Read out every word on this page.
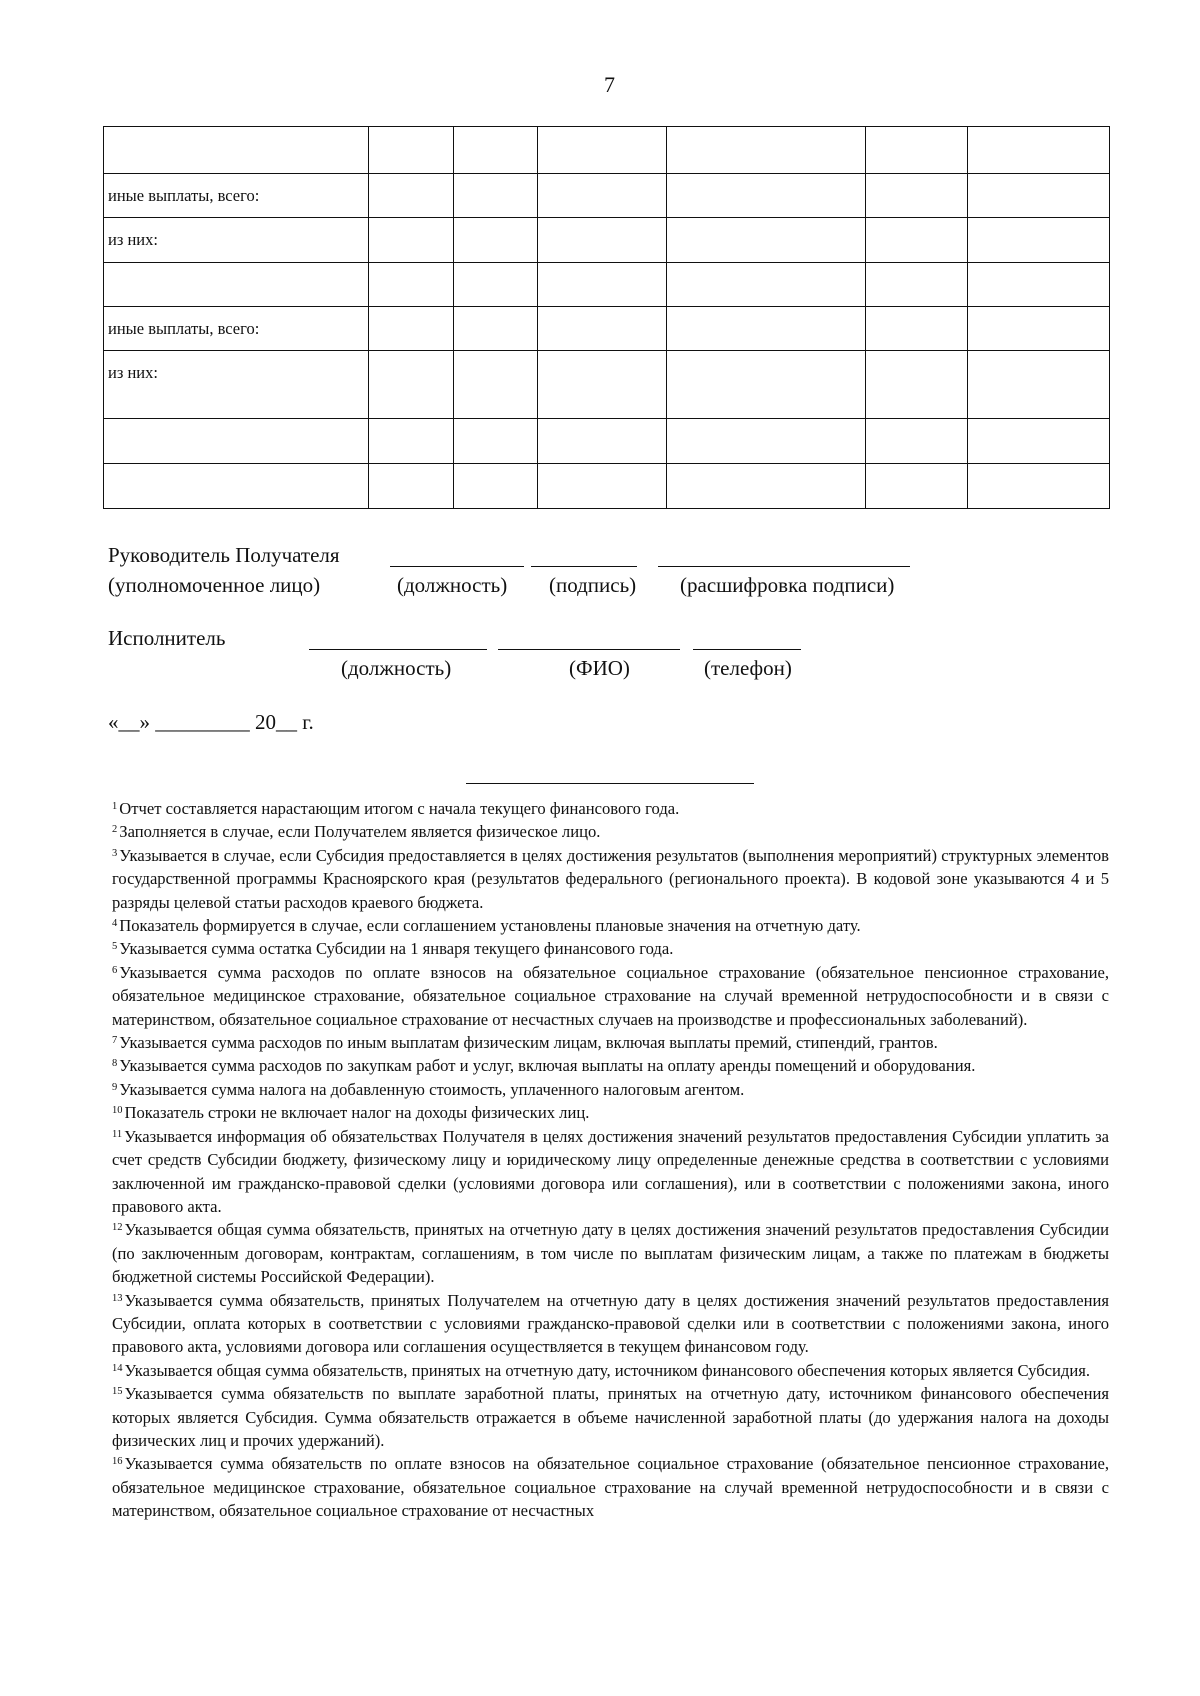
7

иные выплаты, всего:						
из них:						

иные выплаты, всего:						
из них:						

Руководитель Получателя
(уполномоченное лицо)	(должность) (подпись) (расшифровка подписи)
Исполнитель
(должность)	(ФИО)	(телефон)
«__» _________ 20__ г.

$^1$ Отчет составляется нарастающим итогом с начала текущего финансового года.

$^2$ Заполняется в случае, если Получателем является физическое лицо.

$^3$ Указывается в случае, если Субсидия предоставляется в целях достижения результатов (выполнения мероприятий) структурных элементов государственной программы Красноярского края (результатов федерального (регионального проекта). В кодовой зоне указываются 4 и 5 разряды целевой статьи расходов краевого бюджета.

$^4$ Показатель формируется в случае, если соглашением установлены плановые значения на отчетную дату.

$^5$ Указывается сумма остатка Субсидии на 1 января текущего финансового года.

$^6$ Указывается сумма расходов по оплате взносов на обязательное социальное страхование (обязательное пенсионное страхование, обязательное медицинское страхование, обязательное социальное страхование на случай временной нетрудоспособности и в связи с материнством, обязательное социальное страхование от несчастных случаев на производстве и профессиональных заболеваний).

$^7$ Указывается сумма расходов по иным выплатам физическим лицам, включая выплаты премий, стипендий, грантов.

$^8$ Указывается сумма расходов по закупкам работ и услуг, включая выплаты на оплату аренды помещений и оборудования.

$^9$ Указывается сумма налога на добавленную стоимость, уплаченного налоговым агентом.

$^{10}$ Показатель строки не включает налог на доходы физических лиц.

$^{11}$ Указывается информация об обязательствах Получателя в целях достижения значений результатов предоставления Субсидии уплатить за счет средств Субсидии бюджету, физическому лицу и юридическому лицу определенные денежные средства в соответствии с условиями заключенной им гражданско-правовой сделки (условиями договора или соглашения), или в соответствии с положениями закона, иного правового акта.

$^{12}$ Указывается общая сумма обязательств, принятых на отчетную дату в целях достижения значений результатов предоставления Субсидии (по заключенным договорам, контрактам, соглашениям, в том числе по выплатам физическим лицам, а также по платежам в бюджеты бюджетной системы Российской Федерации).

$^{13}$ Указывается сумма обязательств, принятых Получателем на отчетную дату в целях достижения значений результатов предоставления Субсидии, оплата которых в соответствии с условиями гражданско-правовой сделки или в соответствии с положениями закона, иного правового акта, условиями договора или соглашения осуществляется в текущем финансовом году.

$^{14}$ Указывается общая сумма обязательств, принятых на отчетную дату, источником финансового обеспечения которых является Субсидия.

$^{15}$ Указывается сумма обязательств по выплате заработной платы, принятых на отчетную дату, источником финансового обеспечения которых является Субсидия. Сумма обязательств отражается в объеме начисленной заработной платы (до удержания налога на доходы физических лиц и прочих удержаний).

$^{16}$ Указывается сумма обязательств по оплате взносов на обязательное социальное страхование (обязательное пенсионное страхование, обязательное медицинское страхование, обязательное социальное страхование на случай временной нетрудоспособности и в связи с материнством, обязательное социальное страхование от несчастных
